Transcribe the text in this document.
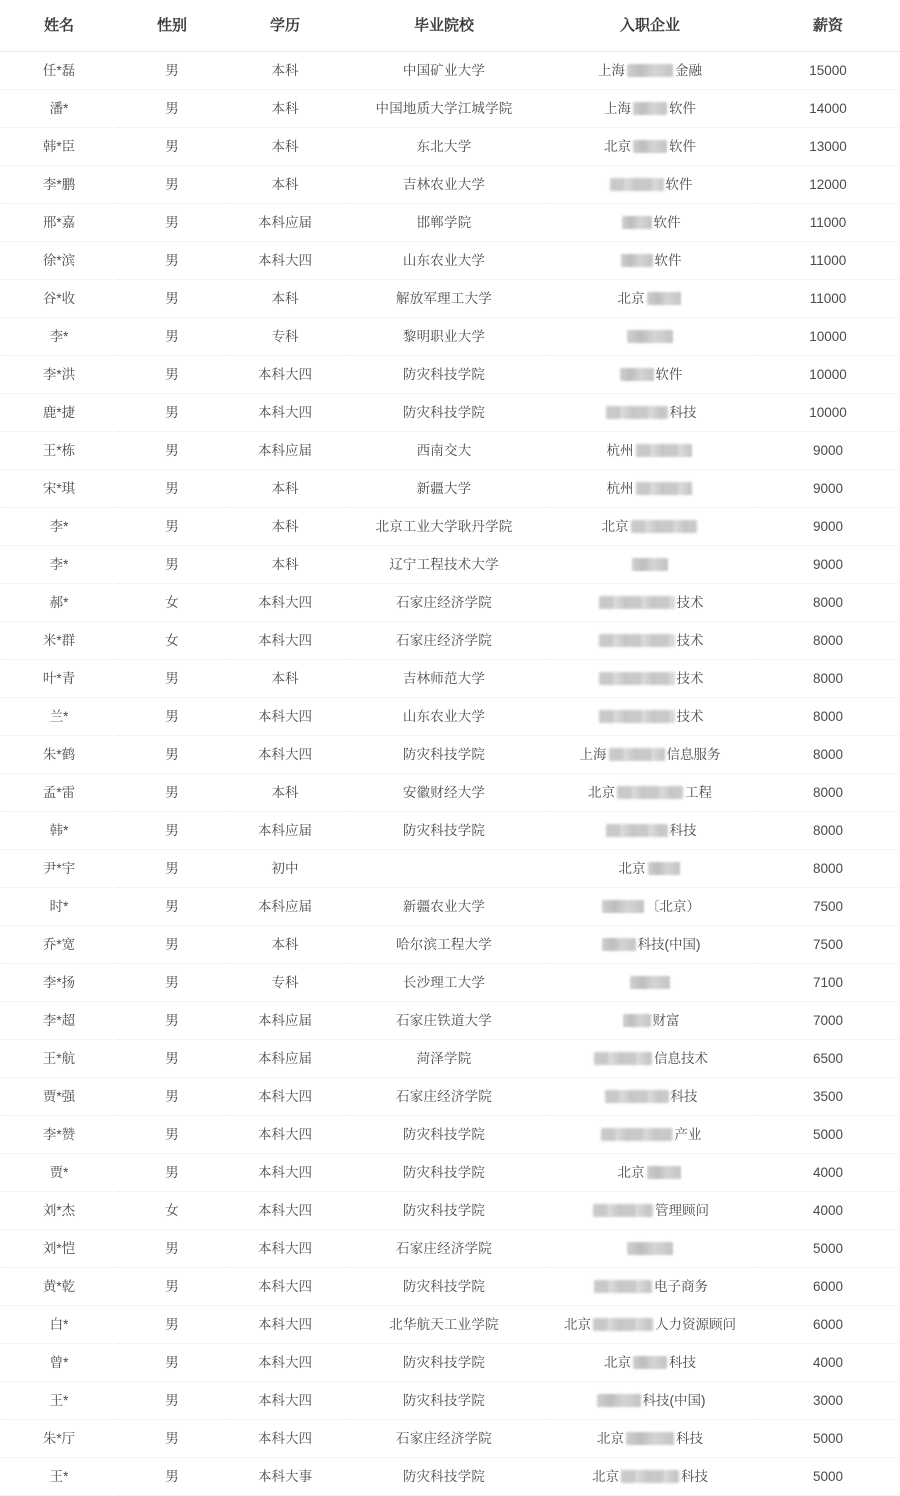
姓名	性别	学历	毕业院校	入职企业	薪资

任*磊	男	本科	中国矿业大学	上海 金融	15000

潘*	男	本科	中国地质大学江城学院	上海 软件	14000

韩*臣	男	本科	东北大学	北京 软件	13000

李*鹏	男	本科	吉林农业大学	软件	12000

邢*嘉	男	本科应届	邯郸学院	软件	11000

徐*滨	男	本科大四	山东农业大学	软件	11000

谷*收	男	本科	解放军理工大学	北京	11000

李*	男	专科	黎明职业大学		10000

李*洪	男	本科大四	防灾科技学院	软件	10000

鹿*捷	男	本科大四	防灾科技学院	科技	10000

王*栋	男	本科应届	西南交大	杭州	9000

宋*琪	男	本科	新疆大学	杭州	9000

李*	男	本科	北京工业大学耿丹学院	北京	9000

李*	男	本科	辽宁工程技术大学		9000

郝*	女	本科大四	石家庄经济学院	技术	8000

米*群	女	本科大四	石家庄经济学院	技术	8000

叶*青	男	本科	吉林师范大学	技术	8000

兰*	男	本科大四	山东农业大学	技术	8000

朱*鹤	男	本科大四	防灾科技学院	上海 信息服务	8000

孟*雷	男	本科	安徽财经大学	北京 工程	8000

韩*	男	本科应届	防灾科技学院	科技	8000

尹*宇	男	初中		北京	8000

时*	男	本科应届	新疆农业大学	〔北京）	7500

乔*宽	男	本科	哈尔滨工程大学	科技(中国)	7500

李*扬	男	专科	长沙理工大学		7100

李*超	男	本科应届	石家庄铁道大学	财富	7000

王*航	男	本科应届	菏泽学院	信息技术	6500

贾*强	男	本科大四	石家庄经济学院	科技	3500

李*赞	男	本科大四	防灾科技学院	产业	5000

贾*	男	本科大四	防灾科技学院	北京	4000

刘*杰	女	本科大四	防灾科技学院	管理顾问	4000

刘*恺	男	本科大四	石家庄经济学院		5000

黄*乾	男	本科大四	防灾科技学院	电子商务	6000

白*	男	本科大四	北华航天工业学院	北京 人力资源顾问	6000

曾*	男	本科大四	防灾科技学院	北京 科技	4000

王*	男	本科大四	防灾科技学院	科技(中国)	3000

朱*厅	男	本科大四	石家庄经济学院	北京 科技	5000

王*	男	本科大事	防灾科技学院	北京 科技	5000
